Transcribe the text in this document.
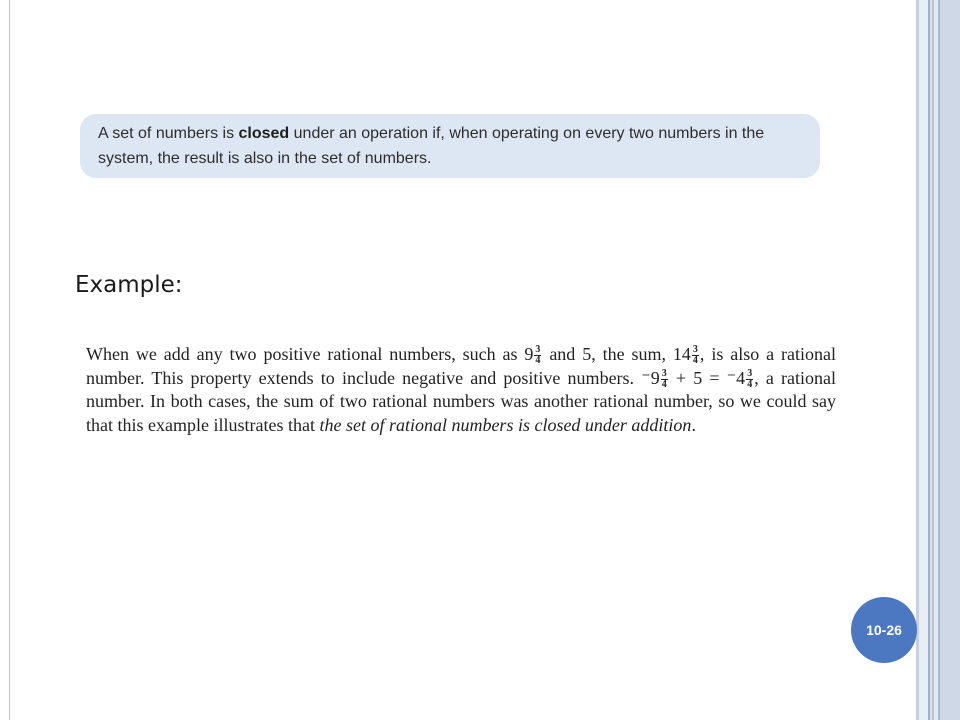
A set of numbers is closed under an operation if, when operating on every two numbers in the system, the result is also in the set of numbers.

Example:

When we add any two positive rational numbers, such as $9 \frac{3}{4}$ and 5, the sum, $14 \frac{3}{4}$ , is also a rational number. This property extends to include negative and positive numbers. $^-9 \frac{3}{4} + 5 = ^-4 \frac{3}{4}$ , a rational number. In both cases, the sum of two rational numbers was another rational number, so we could say that this example illustrates that the set of rational numbers is closed under addition.

10-26
